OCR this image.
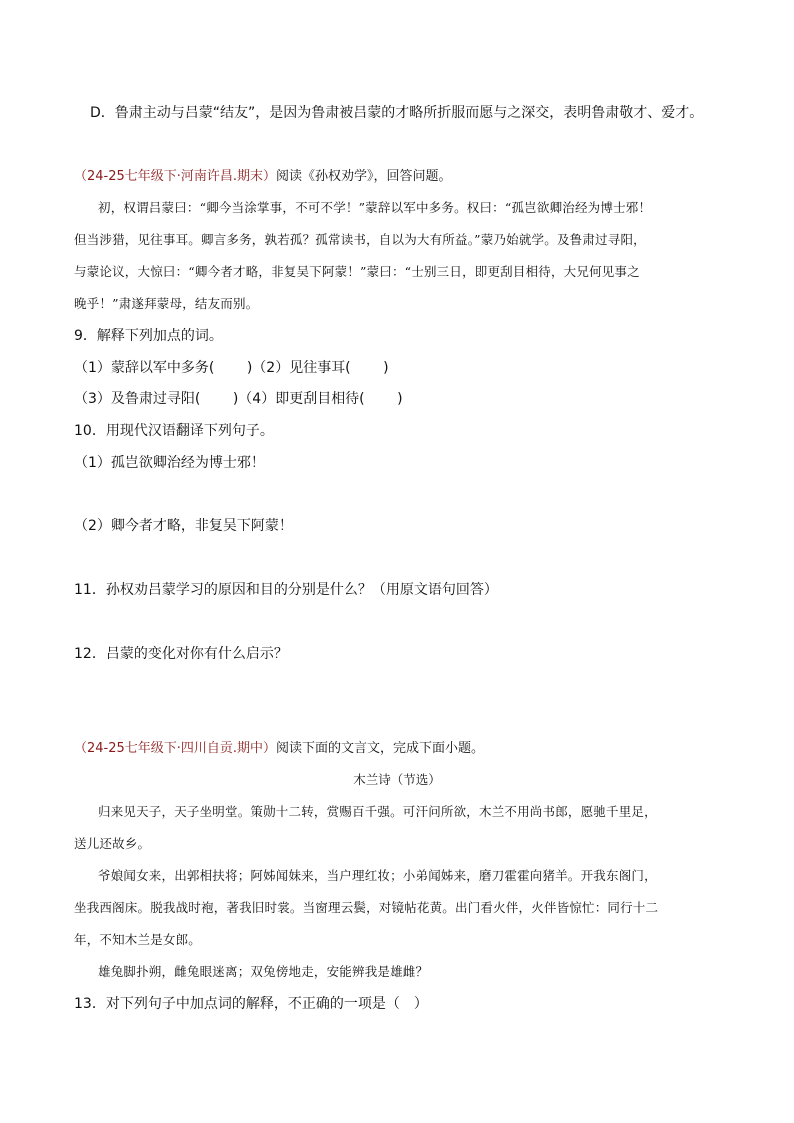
D．鲁肃主动与吕蒙“结友”，是因为鲁肃被吕蒙的才略所折服而愿与之深交，表明鲁肃敬才、爱才。
（24-25七年级下·河南许昌.期末）阅读《孙权劝学》，回答问题。
初，权谓吕蒙曰：“卿今当涂掌事，不可不学！”蒙辞以军中多务。权曰：“孤岂欲卿治经为博士邪！
但当涉猎，见往事耳。卿言多务，孰若孤？孤常读书，自以为大有所益。”蒙乃始就学。及鲁肃过寻阳，
与蒙论议，大惊曰：“卿今者才略，非复吴下阿蒙！”蒙曰：“士别三日，即更刮目相待，大兄何见事之
晚乎！”肃遂拜蒙母，结友而别。
9．解释下列加点的词。
（1）蒙辞以军中多务(　　 )（2）见往事耳(　　 )
（3）及鲁肃过寻阳(　　 )（4）即更刮目相待(　　 )
10．用现代汉语翻译下列句子。
（1）孤岂欲卿治经为博士邪！
（2）卿今者才略，非复吴下阿蒙！
11．孙权劝吕蒙学习的原因和目的分别是什么？（用原文语句回答）
12．吕蒙的变化对你有什么启示？
（24-25七年级下·四川自贡.期中）阅读下面的文言文，完成下面小题。
木兰诗（节选）
归来见天子，天子坐明堂。策勋十二转，赏赐百千强。可汗问所欲，木兰不用尚书郎，愿驰千里足，
送儿还故乡。
爷娘闻女来，出郭相扶将；阿姊闻妹来，当户理红妆；小弟闻姊来，磨刀霍霍向猪羊。开我东阁门，
坐我西阁床。脱我战时袍，著我旧时裳。当窗理云鬓，对镜帖花黄。出门看火伴，火伴皆惊忙：同行十二
年，不知木兰是女郎。
雄兔脚扑朔，雌兔眼迷离；双兔傍地走，安能辨我是雄雌？
13．对下列句子中加点词的解释，不正确的一项是（　）
